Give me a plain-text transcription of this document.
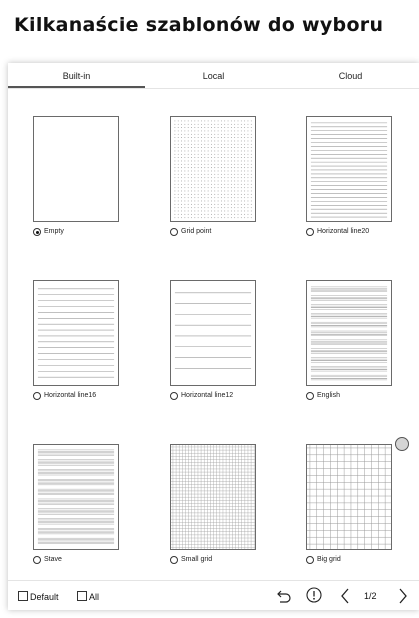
Kilkanaście szablonów do wyboru
Built-in	Local	Cloud
Empty	Grid point	Horizontal line20
Horizontal line16	Horizontal line12	English
Stave	Small grid	Big grid
Default	All	1/2
